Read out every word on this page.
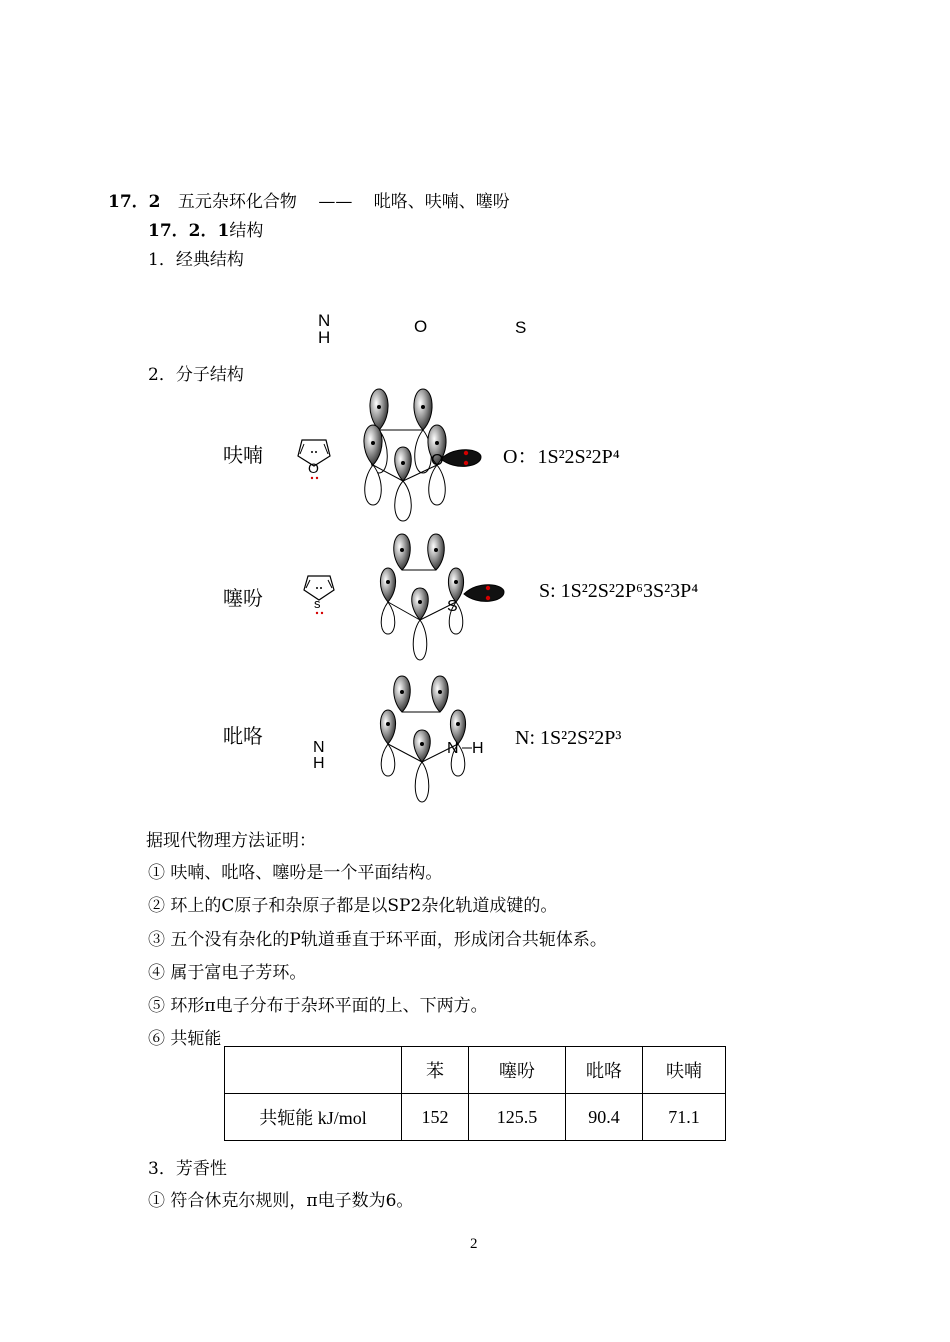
17．2 五元杂环化合物 —— 吡咯、呋喃、噻吩
17．2．1结构
1．经典结构
N
H
O	S
2．分子结构
呋喃
O	O	O：1S²2S²2P⁴
噻吩	s	S
S: 1S²2S²2P⁶3S²3P⁴
吡咯	N
H
N H N: 1S²2S²2P³
据现代物理方法证明：
① 呋喃、吡咯、噻吩是一个平面结构。
② 环上的C原子和杂原子都是以SP2杂化轨道成键的。
③ 五个没有杂化的P轨道垂直于环平面，形成闭合共轭体系。
④ 属于富电子芳环。
⑤ 环形π电子分布于杂环平面的上、下两方。
⑥ 共轭能
	苯	噻吩	吡咯	呋喃
共轭能 kJ/mol	152	125.5	90.4	71.1
3．芳香性
① 符合休克尔规则，π电子数为6。
2
